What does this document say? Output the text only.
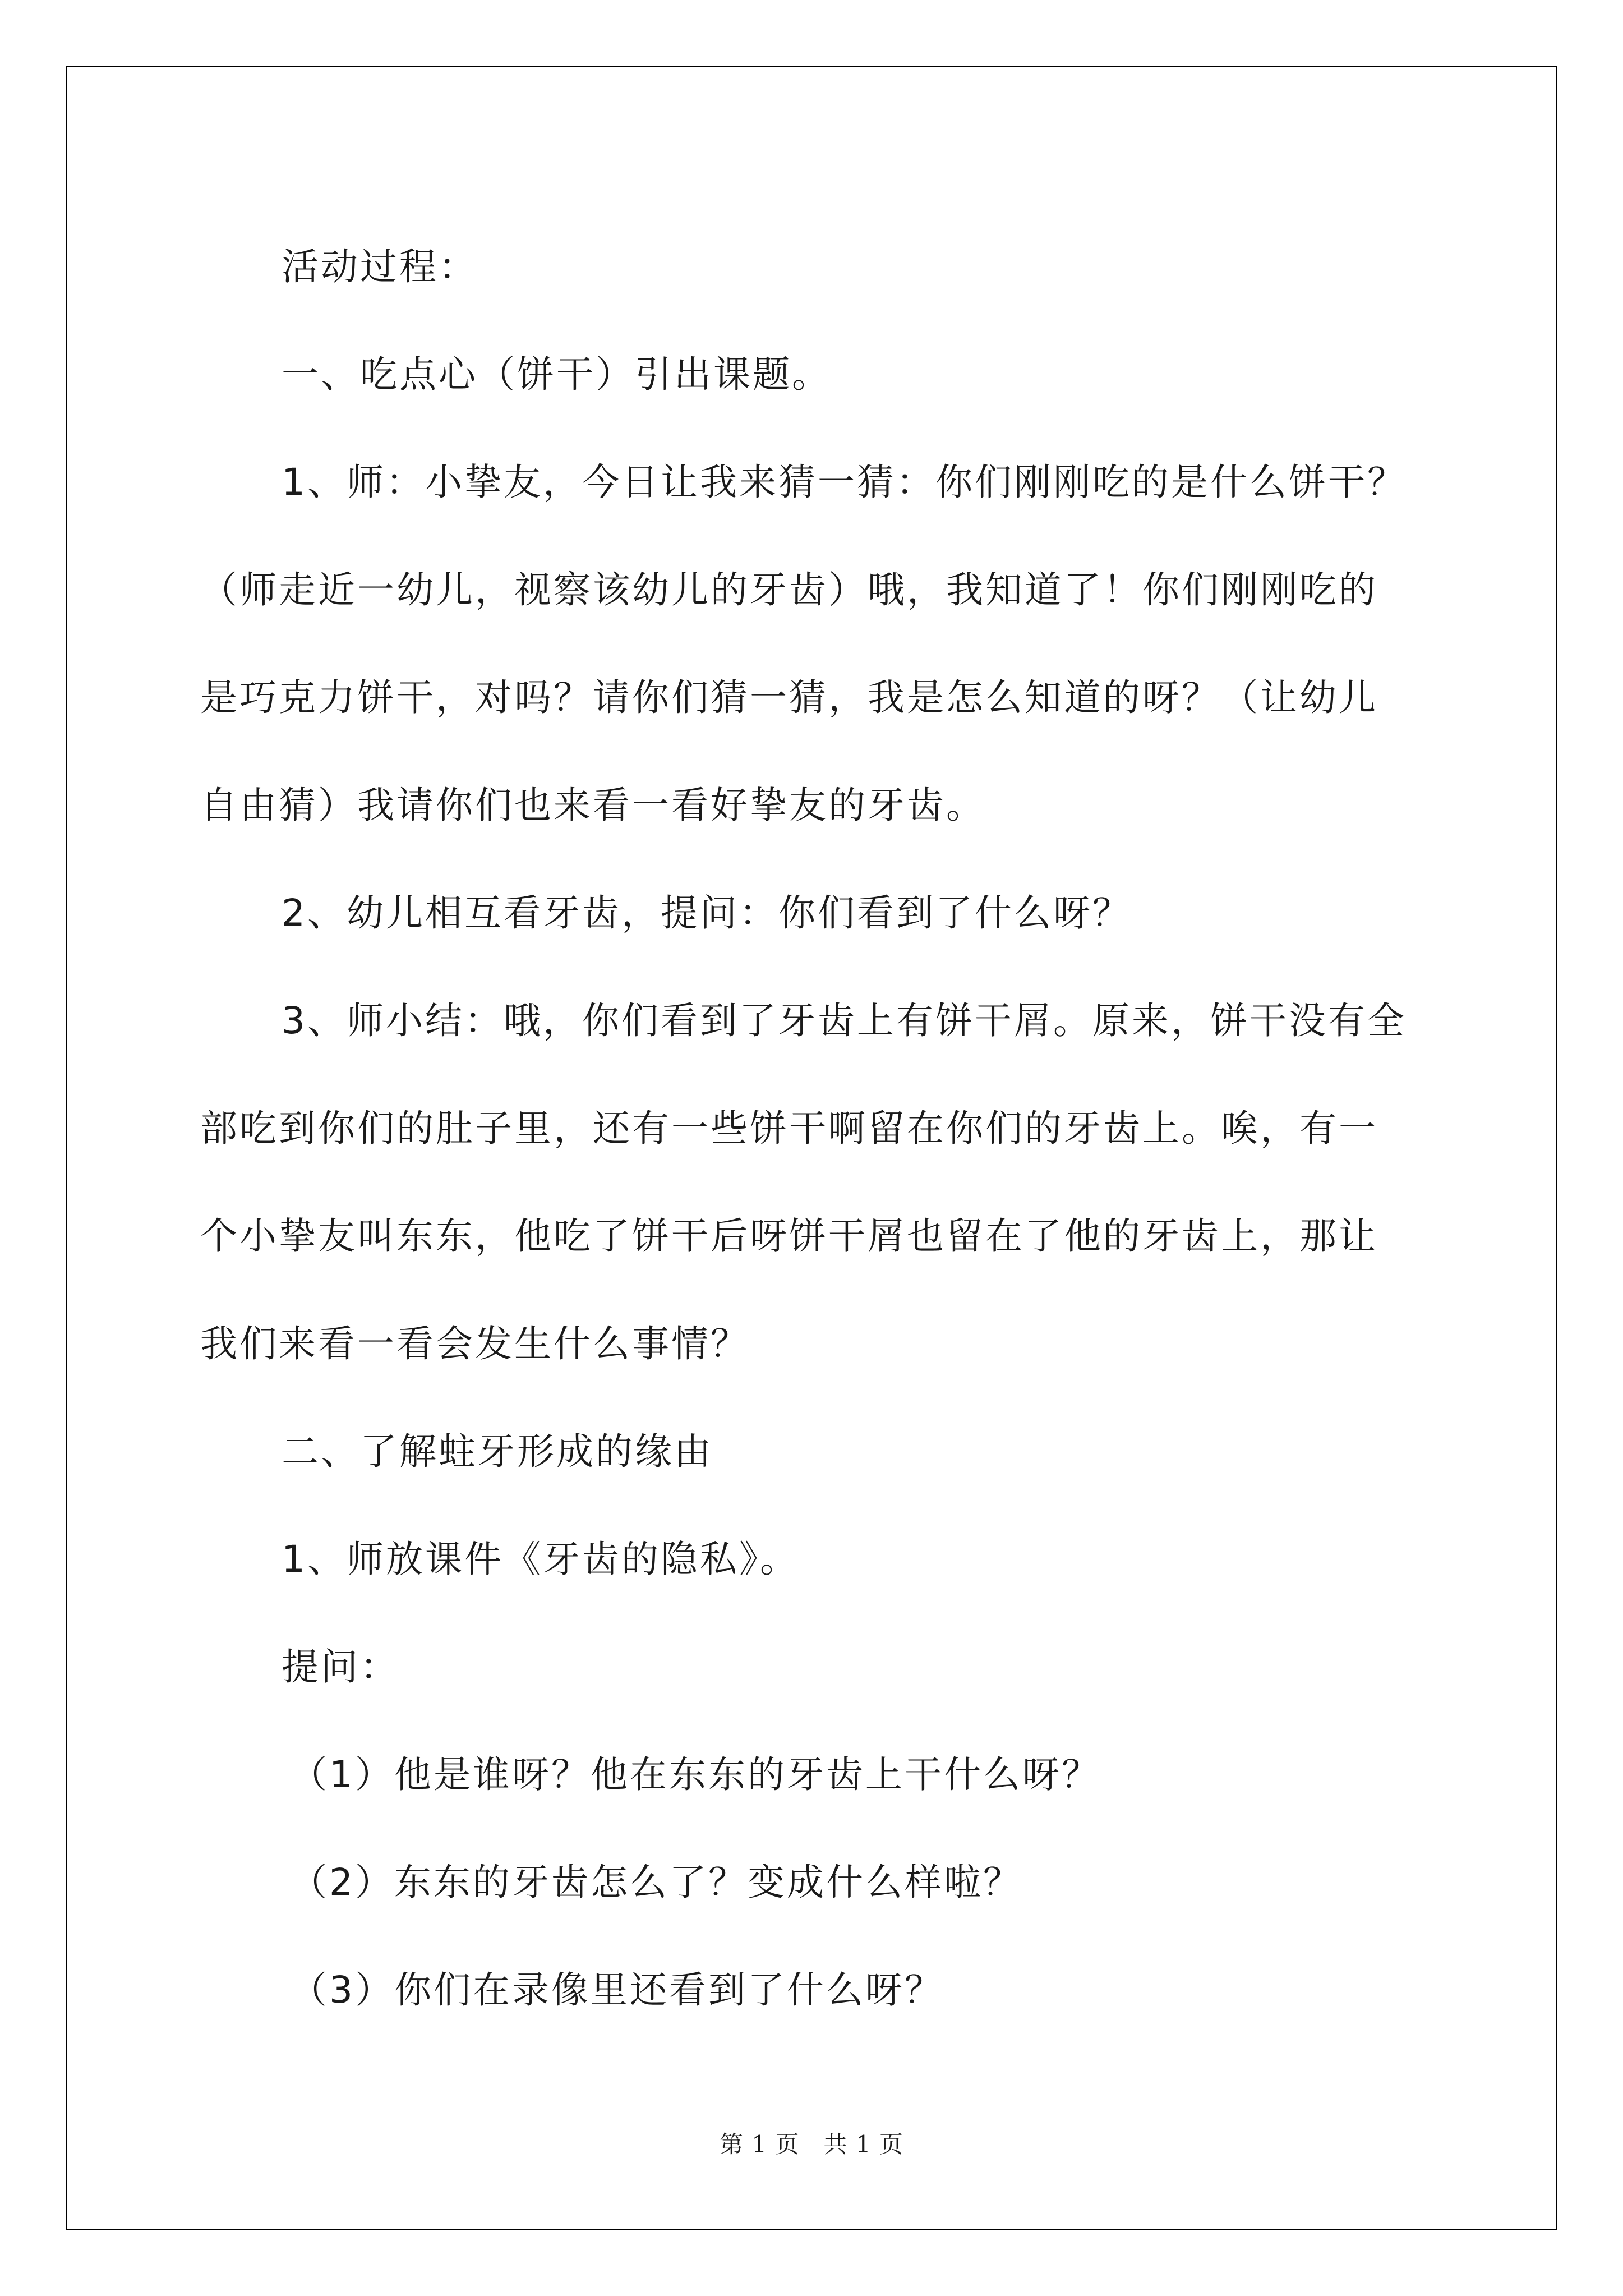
活动过程：

一、吃点心（饼干）引出课题。

1、师：小挚友，今日让我来猜一猜：你们刚刚吃的是什么饼干？

（师走近一幼儿，视察该幼儿的牙齿）哦，我知道了！你们刚刚吃的

是巧克力饼干，对吗？请你们猜一猜，我是怎么知道的呀？（让幼儿

自由猜）我请你们也来看一看好挚友的牙齿。

2、幼儿相互看牙齿，提问：你们看到了什么呀？

3、师小结：哦，你们看到了牙齿上有饼干屑。原来，饼干没有全

部吃到你们的肚子里，还有一些饼干啊留在你们的牙齿上。唉，有一

个小挚友叫东东，他吃了饼干后呀饼干屑也留在了他的牙齿上，那让

我们来看一看会发生什么事情？

二、了解蛀牙形成的缘由

1、师放课件《牙齿的隐私》。

提问：

（1）他是谁呀？他在东东的牙齿上干什么呀？

（2）东东的牙齿怎么了？变成什么样啦？

（3）你们在录像里还看到了什么呀？

第 1 页　共 1 页
